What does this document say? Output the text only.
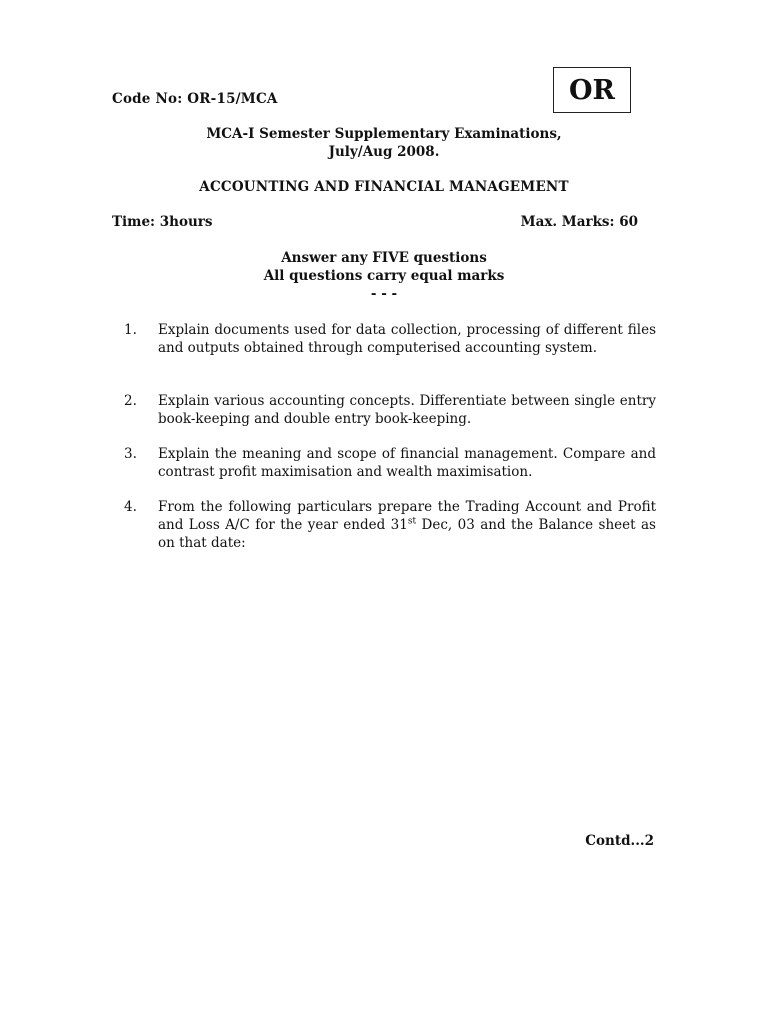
Code No: OR-15/MCA	OR
MCA-I Semester Supplementary Examinations,
July/Aug 2008.
ACCOUNTING AND FINANCIAL MANAGEMENT
Time: 3hours	Max. Marks: 60
Answer any FIVE questions
All questions carry equal marks
- - -
1.	Explain documents used for data collection, processing of different files and outputs obtained through computerised accounting system.
2.	Explain various accounting concepts. Differentiate between single entry book-keeping and double entry book-keeping.
3.	Explain the meaning and scope of financial management. Compare and contrast profit maximisation and wealth maximisation.
4.	From the following particulars prepare the Trading Account and Profit and Loss A/C for the year ended 31st Dec, 03 and the Balance sheet as on that date:
Contd...2
